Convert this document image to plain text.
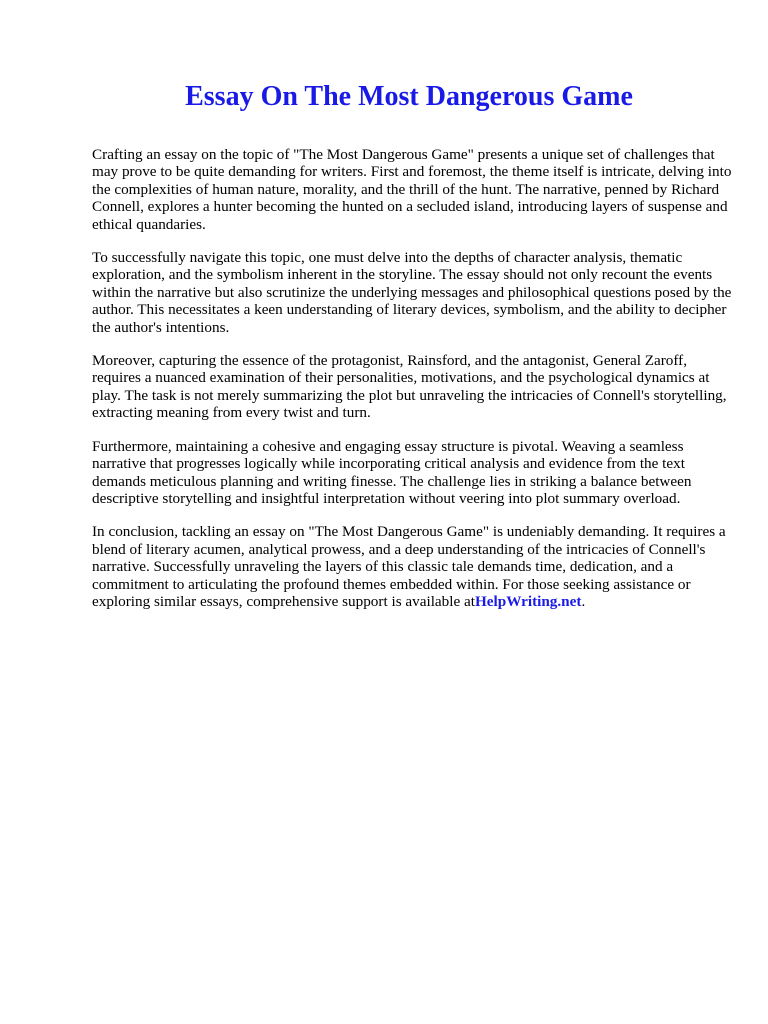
Essay On The Most Dangerous Game

Crafting an essay on the topic of "The Most Dangerous Game" presents a unique set of challenges that may prove to be quite demanding for writers. First and foremost, the theme itself is intricate, delving into the complexities of human nature, morality, and the thrill of the hunt. The narrative, penned by Richard Connell, explores a hunter becoming the hunted on a secluded island, introducing layers of suspense and ethical quandaries.

To successfully navigate this topic, one must delve into the depths of character analysis, thematic exploration, and the symbolism inherent in the storyline. The essay should not only recount the events within the narrative but also scrutinize the underlying messages and philosophical questions posed by the author. This necessitates a keen understanding of literary devices, symbolism, and the ability to decipher the author's intentions.

Moreover, capturing the essence of the protagonist, Rainsford, and the antagonist, General Zaroff, requires a nuanced examination of their personalities, motivations, and the psychological dynamics at play. The task is not merely summarizing the plot but unraveling the intricacies of Connell's storytelling, extracting meaning from every twist and turn.

Furthermore, maintaining a cohesive and engaging essay structure is pivotal. Weaving a seamless narrative that progresses logically while incorporating critical analysis and evidence from the text demands meticulous planning and writing finesse. The challenge lies in striking a balance between descriptive storytelling and insightful interpretation without veering into plot summary overload.

In conclusion, tackling an essay on "The Most Dangerous Game" is undeniably demanding. It requires a blend of literary acumen, analytical prowess, and a deep understanding of the intricacies of Connell's narrative. Successfully unraveling the layers of this classic tale demands time, dedication, and a commitment to articulating the profound themes embedded within. For those seeking assistance or exploring similar essays, comprehensive support is available atHelpWriting.net.
